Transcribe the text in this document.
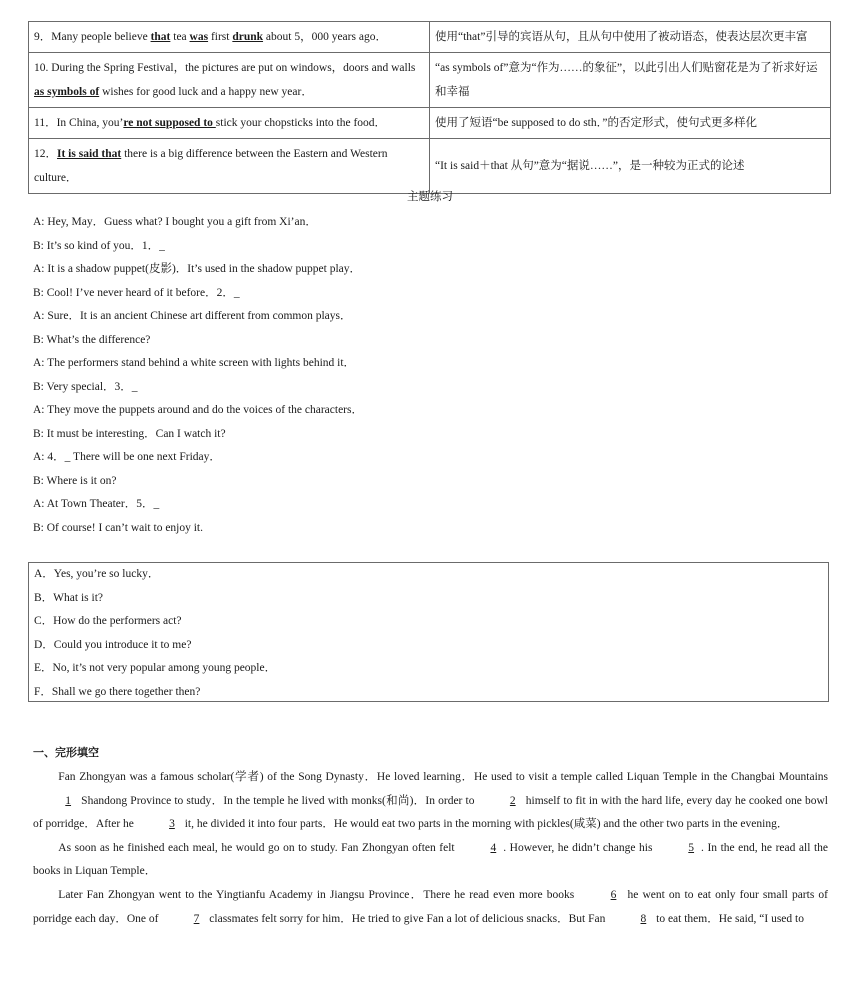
9．Many people believe that tea was first drunk about 5，000 years ago．	使用“that”引导的宾语从句，且从句中使用了被动语态，使表达层次更丰富
10. During the Spring Festival，the pictures are put on windows，doors and walls as symbols of wishes for good luck and a happy new year．	“as symbols of”意为“作为……的象征”，以此引出人们贴窗花是为了祈求好运和幸福
11．In China, you’re not supposed to stick your chopsticks into the food．	使用了短语“be supposed to do sth．”的否定形式，使句式更多样化
12．It is said that there is a big difference between the Eastern and Western culture．	“It is said＋that 从句”意为“据说……”，是一种较为正式的论述
主题练习
A: Hey, May．Guess what? I bought you a gift from Xi’an．
B: It’s so kind of you．1．_
A: It is a shadow puppet(皮影)．It’s used in the shadow puppet play．
B: Cool! I’ve never heard of it before．2．_
A: Sure．It is an ancient Chinese art different from common plays．
B: What’s the difference?
A: The performers stand behind a white screen with lights behind it．
B: Very special．3．_
A: They move the puppets around and do the voices of the characters．
B: It must be interesting．Can I watch it?
A: 4．_ There will be one next Friday．
B: Where is it on?
A: At Town Theater．5．_
B: Of course! I can’t wait to enjoy it.
A．Yes, you’re so lucky．
B．What is it?
C．How do the performers act?
D．Could you introduce it to me?
E．No, it’s not very popular among young people．
F．Shall we go there together then?
一、完形填空

Fan Zhongyan was a famous scholar(学者) of the Song Dynasty．He loved learning．He used to visit a temple called Liquan Temple in the Changbai Mountains 1 Shandong Province to study．In the temple he lived with monks(和尚)．In order to	2 himself to fit in with the hard life, every day he cooked one bowl of porridge．After he	3 it, he divided it into four parts．He would eat two parts in the morning with pickles(咸菜) and the other two parts in the evening．

As soon as he finished each meal, he would go on to study. Fan Zhongyan often felt	4 . However, he didn’t change his	5 . In the end, he read all the books in Liquan Temple．

Later Fan Zhongyan went to the Yingtianfu Academy in Jiangsu Province．There he read even more books	6 he went on to eat only four small parts of porridge each day．One of	7 classmates felt sorry for him．He tried to give Fan a lot of delicious snacks．But Fan	8 to eat them．He said, “I used to
